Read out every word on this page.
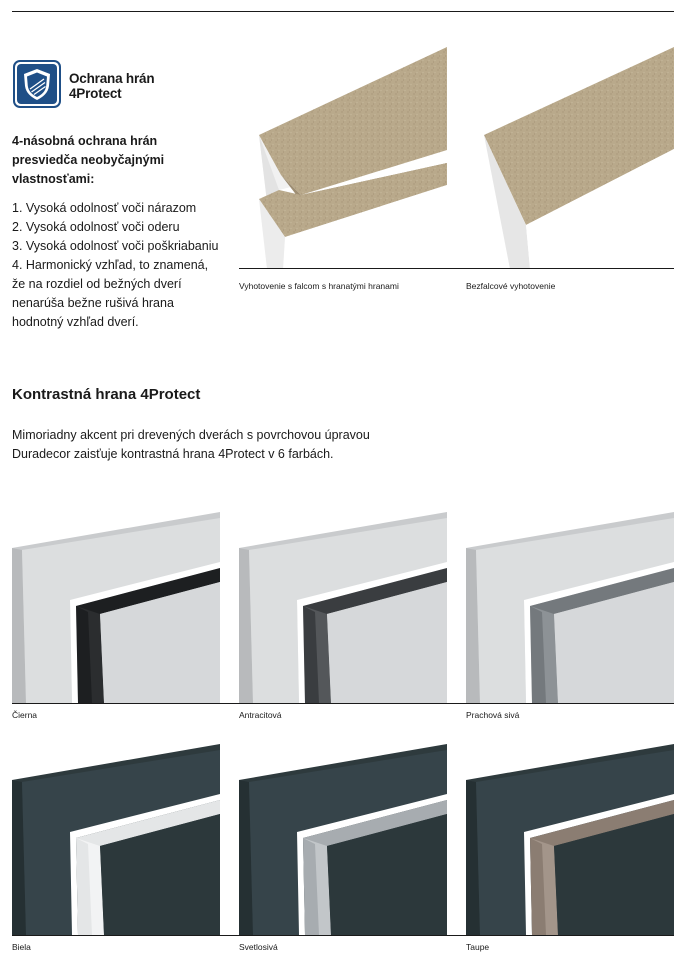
Ochrana hrán
4Protect
4-násobná ochrana hrán
presviedča neobyčajnými
vlastnosťami:
1. Vysoká odolnosť voči nárazom
2. Vysoká odolnosť voči oderu
3. Vysoká odolnosť voči poškriabaniu
4. Harmonický vzhľad, to znamená,
že na rozdiel od bežných dverí
nenarúša bežne rušivá hrana
hodnotný vzhľad dverí.
Vyhotovenie s falcom s hranatými hranami	Bezfalcové vyhotovenie
Kontrastná hrana 4Protect
Mimoriadny akcent pri drevených dverách s povrchovou úpravou
Duradecor zaisťuje kontrastná hrana 4Protect v 6 farbách.
Čierna	Antracitová	Prachová sivá
Biela	Svetlosivá	Taupe
